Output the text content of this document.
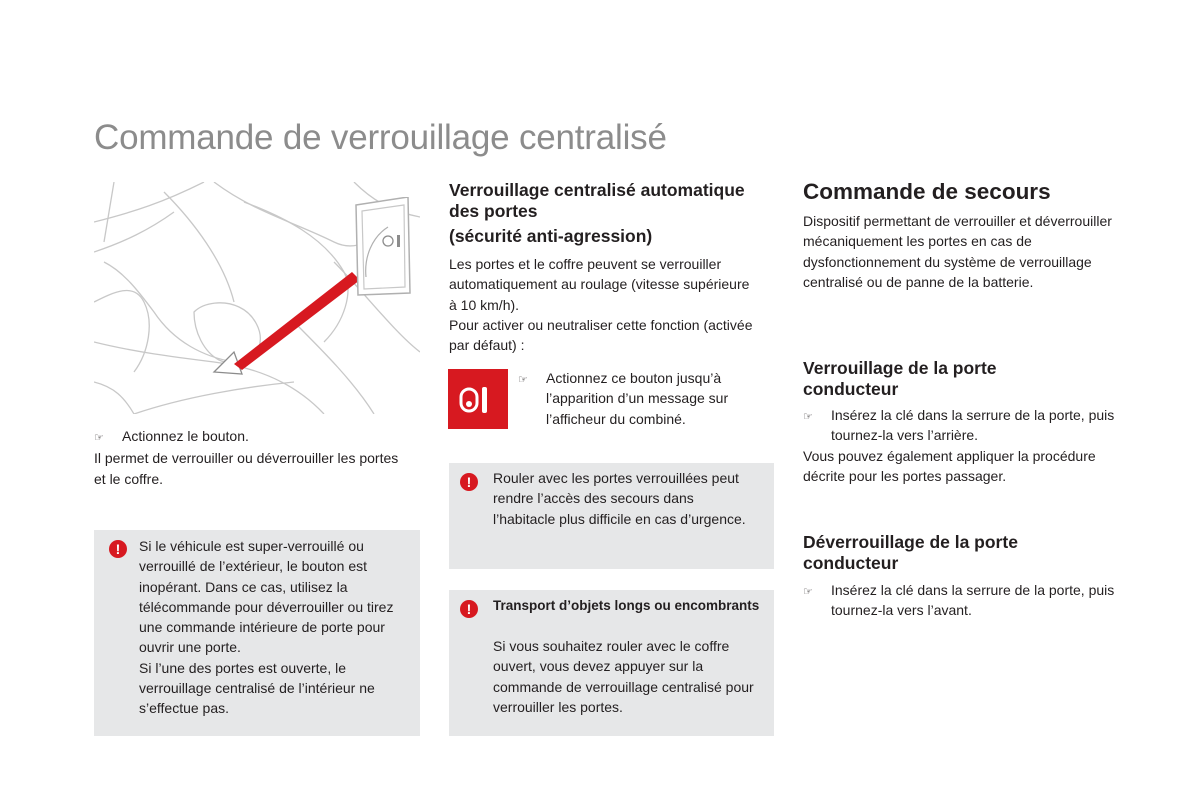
Commande de verrouillage centralisé
☞	Actionnez le bouton.
Il permet de verrouiller ou déverrouiller les portes et le coffre.
! Si le véhicule est super-verrouillé ou verrouillé de l’extérieur, le bouton est inopérant. Dans ce cas, utilisez la télécommande pour déverrouiller ou tirez une commande intérieure de porte pour ouvrir une porte.
Si l’une des portes est ouverte, le verrouillage centralisé de l’intérieur ne s’effectue pas.
Verrouillage centralisé automatique des portes
(sécurité anti-agression)
Les portes et le coffre peuvent se verrouiller automatiquement au roulage (vitesse supérieure à 10 km/h).
Pour activer ou neutraliser cette fonction (activée par défaut) :
☞	Actionnez ce bouton jusqu’à l’apparition d’un message sur l’afficheur du combiné.
! Rouler avec les portes verrouillées peut rendre l’accès des secours dans l’habitacle plus difficile en cas d’urgence.
! Transport d’objets longs ou encombrants
Si vous souhaitez rouler avec le coffre ouvert, vous devez appuyer sur la commande de verrouillage centralisé pour verrouiller les portes.
Commande de secours
Dispositif permettant de verrouiller et déverrouiller mécaniquement les portes en cas de dysfonctionnement du système de verrouillage centralisé ou de panne de la batterie.
Verrouillage de la porte conducteur
☞	Insérez la clé dans la serrure de la porte, puis tournez-la vers l’arrière.
Vous pouvez également appliquer la procédure décrite pour les portes passager.
Déverrouillage de la porte conducteur
☞	Insérez la clé dans la serrure de la porte, puis tournez-la vers l’avant.
